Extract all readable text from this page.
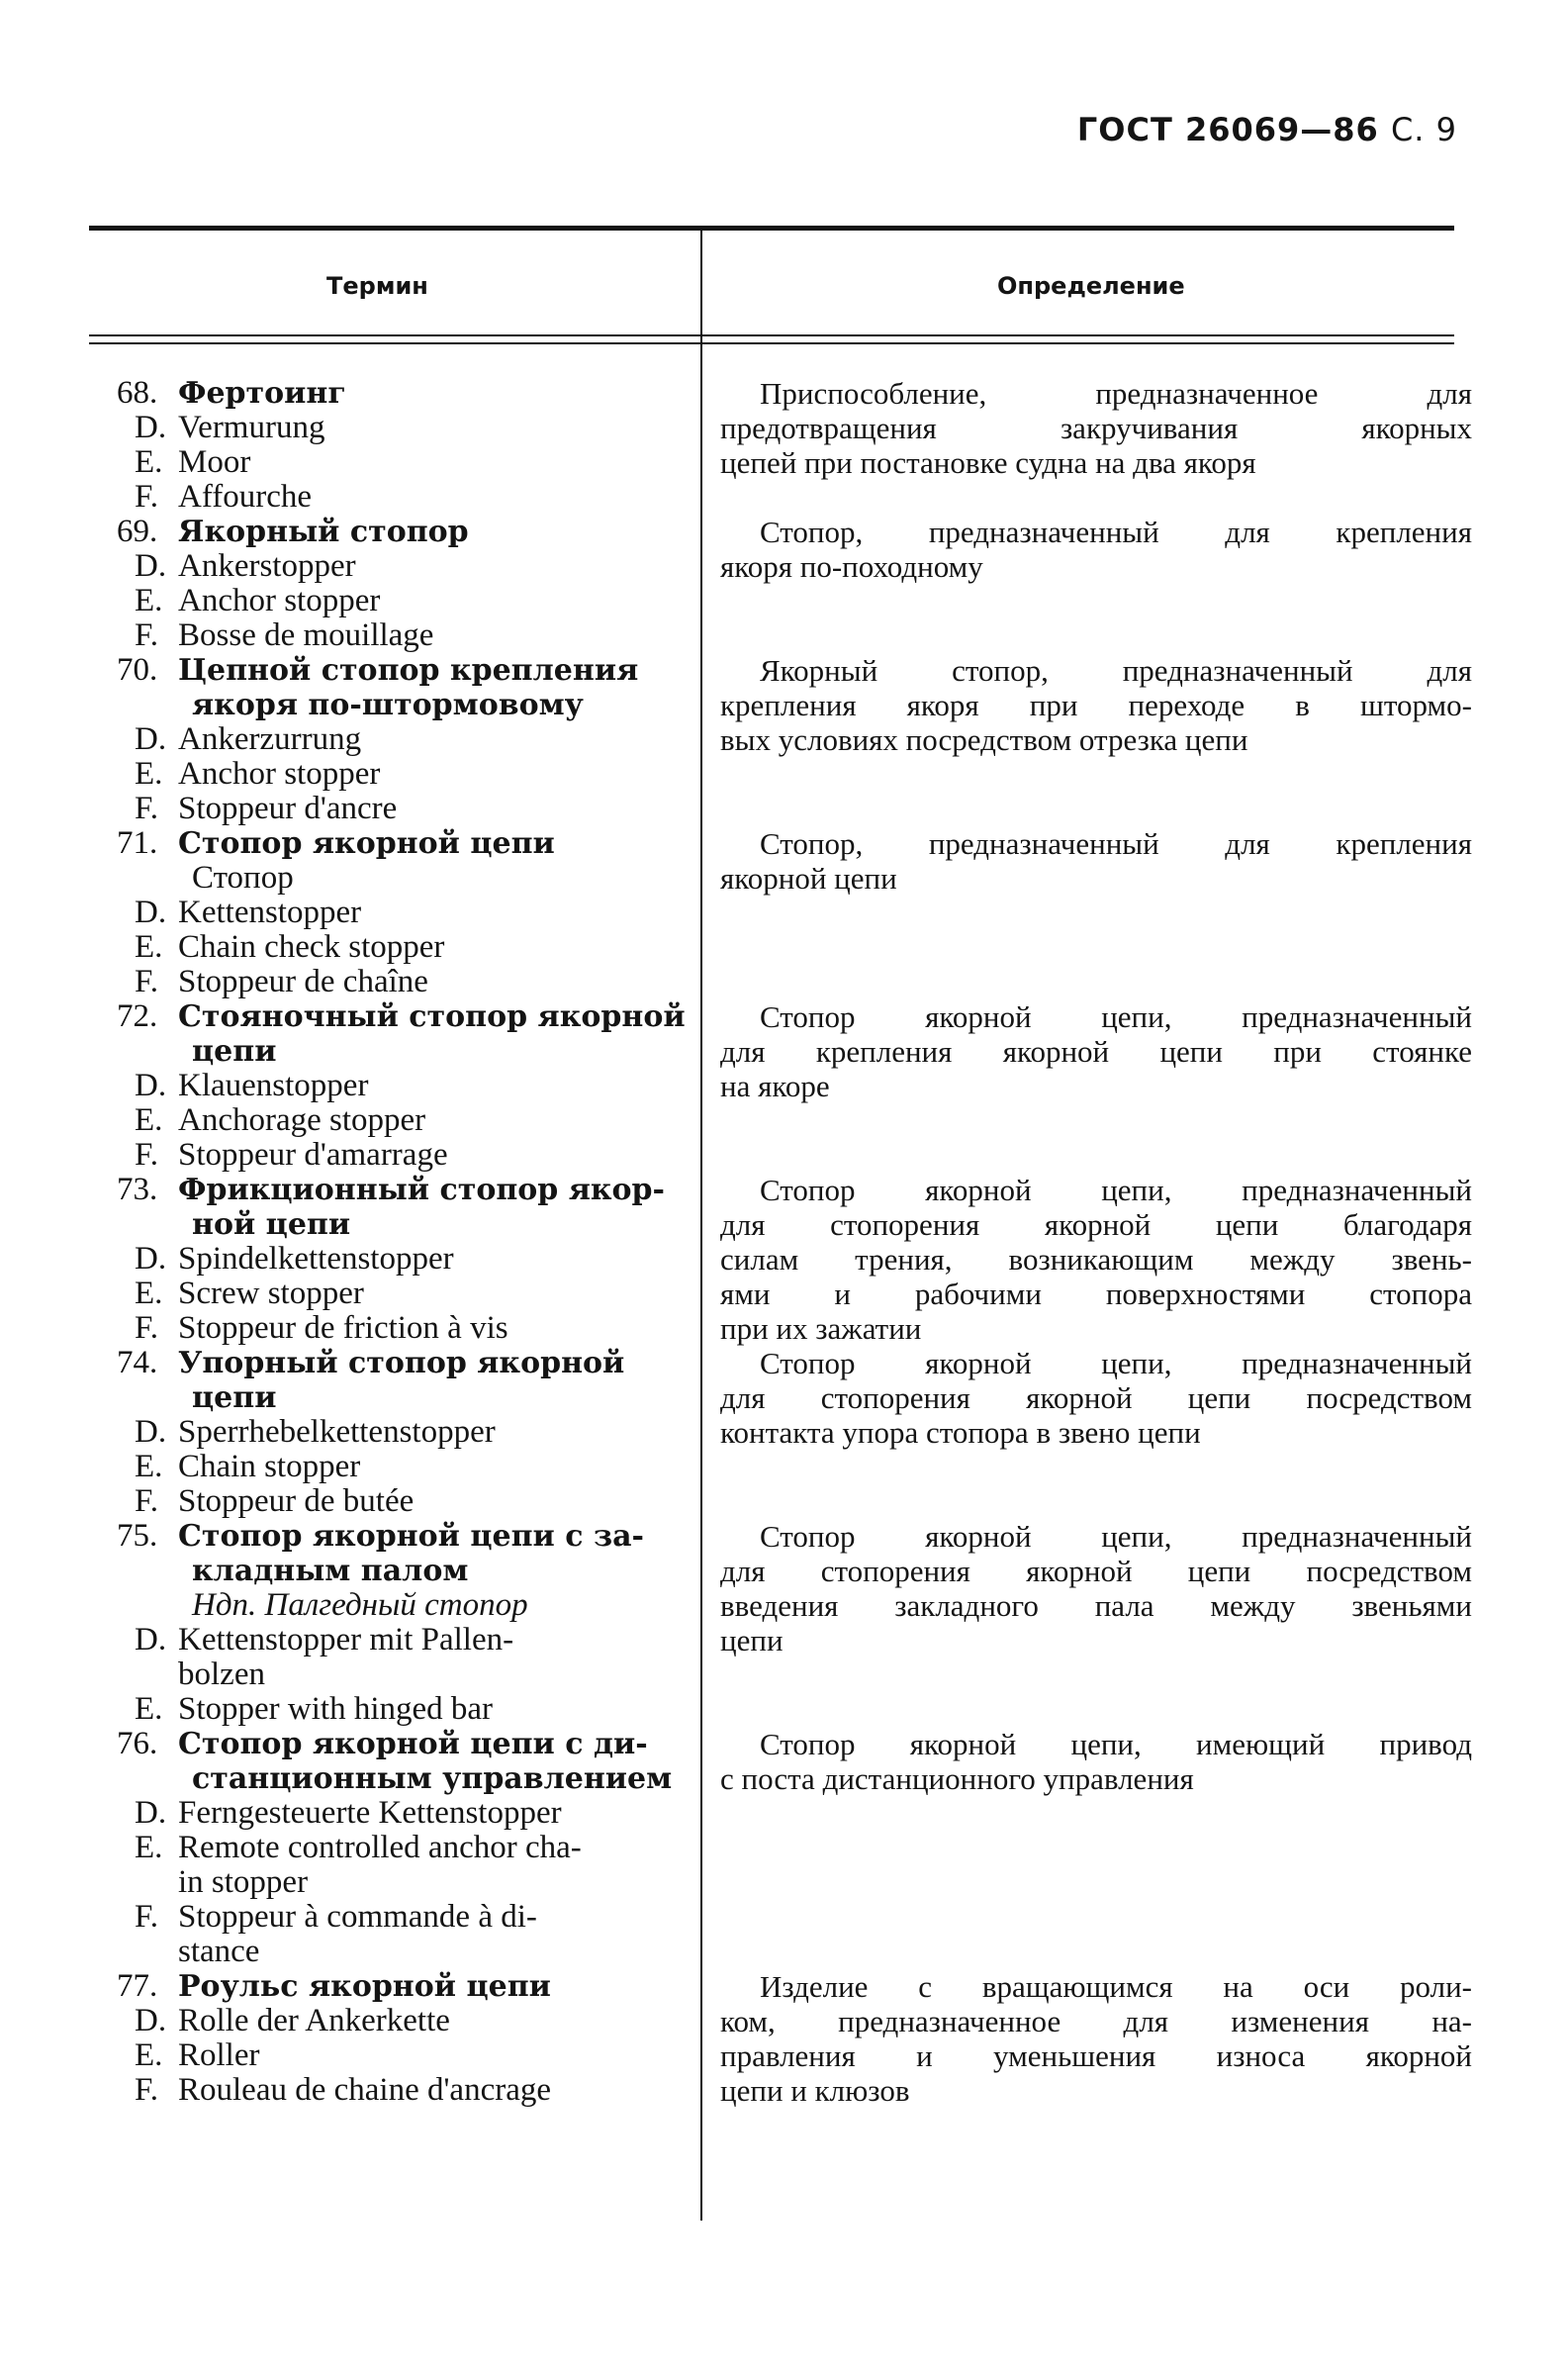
ГОСТ 26069—86 С. 9
Термин	Определение
68. Фертоинг
D. Vermurung
E. Moor
F. Affourche
69. Якорный стопор
D. Ankerstopper
E. Anchor stopper
F. Bosse de mouillage
70. Цепной стопор крепления
якоря по-штормовому
D. Ankerzurrung
E. Anchor stopper
F. Stoppeur d'ancre
71. Стопор якорной цепи
Стопор
D. Kettenstopper
E. Chain check stopper
F. Stoppeur de chaîne
72. Стояночный стопор якорной
цепи
D. Klauenstopper
E. Anchorage stopper
F. Stoppeur d'amarrage
73. Фрикционный стопор якор-
ной цепи
D. Spindelkettenstopper
E. Screw stopper
F. Stoppeur de friction à vis
74. Упорный стопор якорной
цепи
D. Sperrhebelkettenstopper
E. Chain stopper
F. Stoppeur de butée
75. Стопор якорной цепи с за-
кладным палом
Ндп. Палгедный стопор
D. Kettenstopper mit Pallen-
bolzen
E. Stopper with hinged bar
76. Стопор якорной цепи с ди-
станционным управлением
D. Ferngesteuerte Kettenstopper
E. Remote controlled anchor cha-
in stopper
F. Stoppeur à commande à di-
stance
77. Роульс якорной цепи
D. Rolle der Ankerkette
E. Roller
F. Rouleau de chaine d'ancrage
Приспособление, предназначенное для
предотвращения закручивания якорных
цепей при постановке судна на два якоря
Стопор, предназначенный для крепления
якоря по-походному
Якорный стопор, предназначенный для
крепления якоря при переходе в штормо-
вых условиях посредством отрезка цепи
Стопор, предназначенный для крепления
якорной цепи
Стопор якорной цепи, предназначенный
для крепления якорной цепи при стоянке
на якоре
Стопор якорной цепи, предназначенный
для стопорения якорной цепи благодаря
силам трения, возникающим между звень-
ями и рабочими поверхностями стопора
при их зажатии
Стопор якорной цепи, предназначенный
для стопорения якорной цепи посредством
контакта упора стопора в звено цепи
Стопор якорной цепи, предназначенный
для стопорения якорной цепи посредством
введения закладного пала между звеньями
цепи
Стопор якорной цепи, имеющий привод
с поста дистанционного управления
Изделие с вращающимся на оси роли-
ком, предназначенное для изменения на-
правления и уменьшения износа якорной
цепи и клюзов
